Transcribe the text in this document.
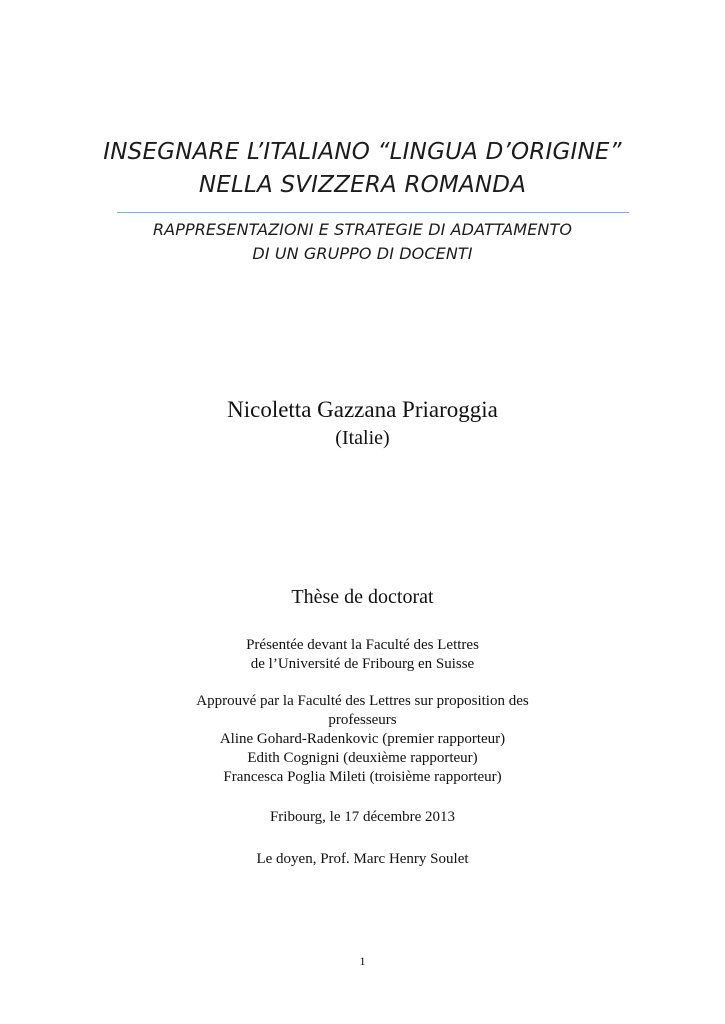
INSEGNARE L’ITALIANO “LINGUA D’ORIGINE”
NELLA SVIZZERA ROMANDA
RAPPRESENTAZIONI E STRATEGIE DI ADATTAMENTO
DI UN GRUPPO DI DOCENTI
Nicoletta Gazzana Priaroggia
(Italie)
Thèse de doctorat
Présentée devant la Faculté des Lettres
de l’Université de Fribourg en Suisse
Approuvé par la Faculté des Lettres sur proposition des professeurs
Aline Gohard-Radenkovic (premier rapporteur)
Edith Cognigni (deuxième rapporteur)
Francesca Poglia Mileti (troisième rapporteur)
Fribourg, le 17 décembre 2013
Le doyen, Prof. Marc Henry Soulet
1
